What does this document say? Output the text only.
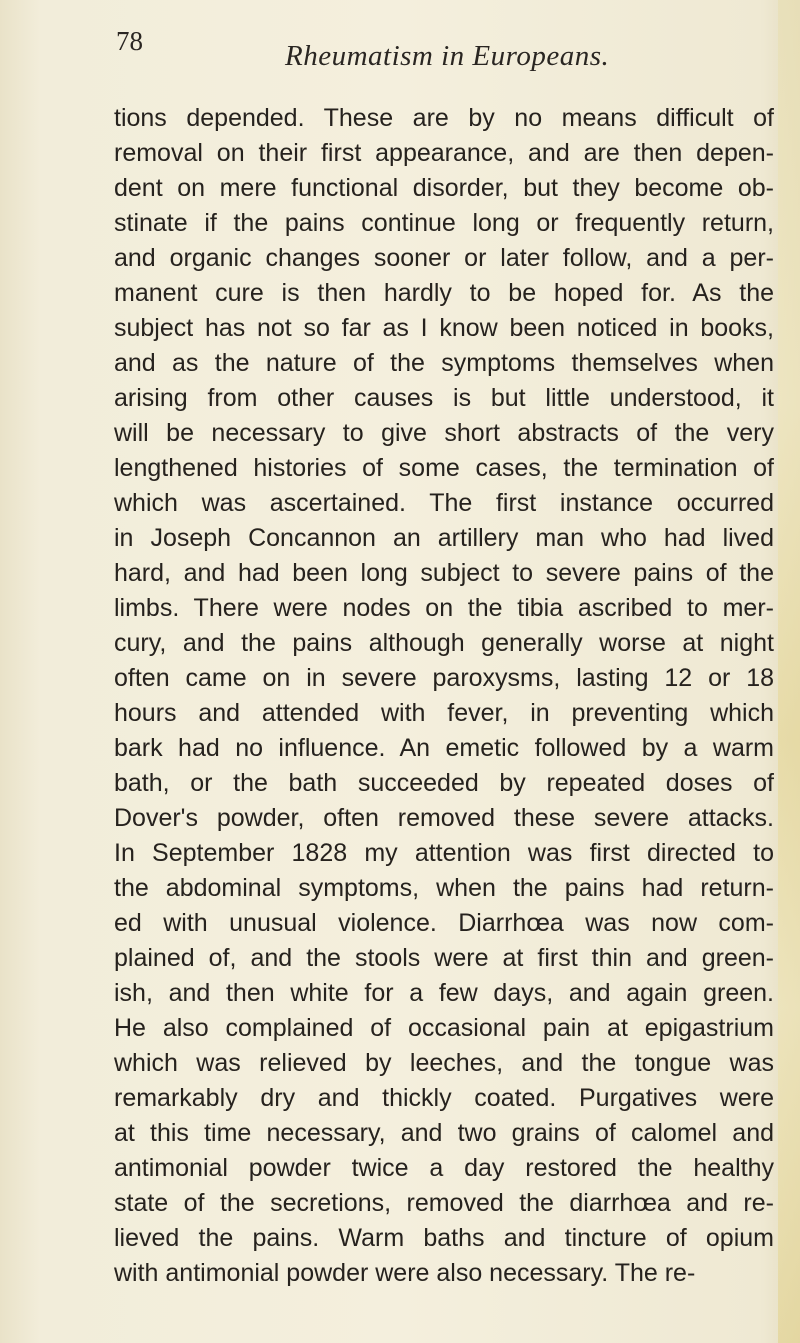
78	Rheumatism in Europeans.
tions depended. These are by no means difficult of
removal on their first appearance, and are then depen-
dent on mere functional disorder, but they become ob-
stinate if the pains continue long or frequently return,
and organic changes sooner or later follow, and a per-
manent cure is then hardly to be hoped for. As the
subject has not so far as I know been noticed in books,
and as the nature of the symptoms themselves when
arising from other causes is but little understood, it
will be necessary to give short abstracts of the very
lengthened histories of some cases, the termination of
which was ascertained. The first instance occurred
in Joseph Concannon an artillery man who had lived
hard, and had been long subject to severe pains of the
limbs. There were nodes on the tibia ascribed to mer-
cury, and the pains although generally worse at night
often came on in severe paroxysms, lasting 12 or 18
hours and attended with fever, in preventing which
bark had no influence. An emetic followed by a warm
bath, or the bath succeeded by repeated doses of
Dover's powder, often removed these severe attacks.
In September 1828 my attention was first directed to
the abdominal symptoms, when the pains had return-
ed with unusual violence. Diarrhœa was now com-
plained of, and the stools were at first thin and green-
ish, and then white for a few days, and again green.
He also complained of occasional pain at epigastrium
which was relieved by leeches, and the tongue was
remarkably dry and thickly coated. Purgatives were
at this time necessary, and two grains of calomel and
antimonial powder twice a day restored the healthy
state of the secretions, removed the diarrhœa and re-
lieved the pains. Warm baths and tincture of opium
with antimonial powder were also necessary. The re-
